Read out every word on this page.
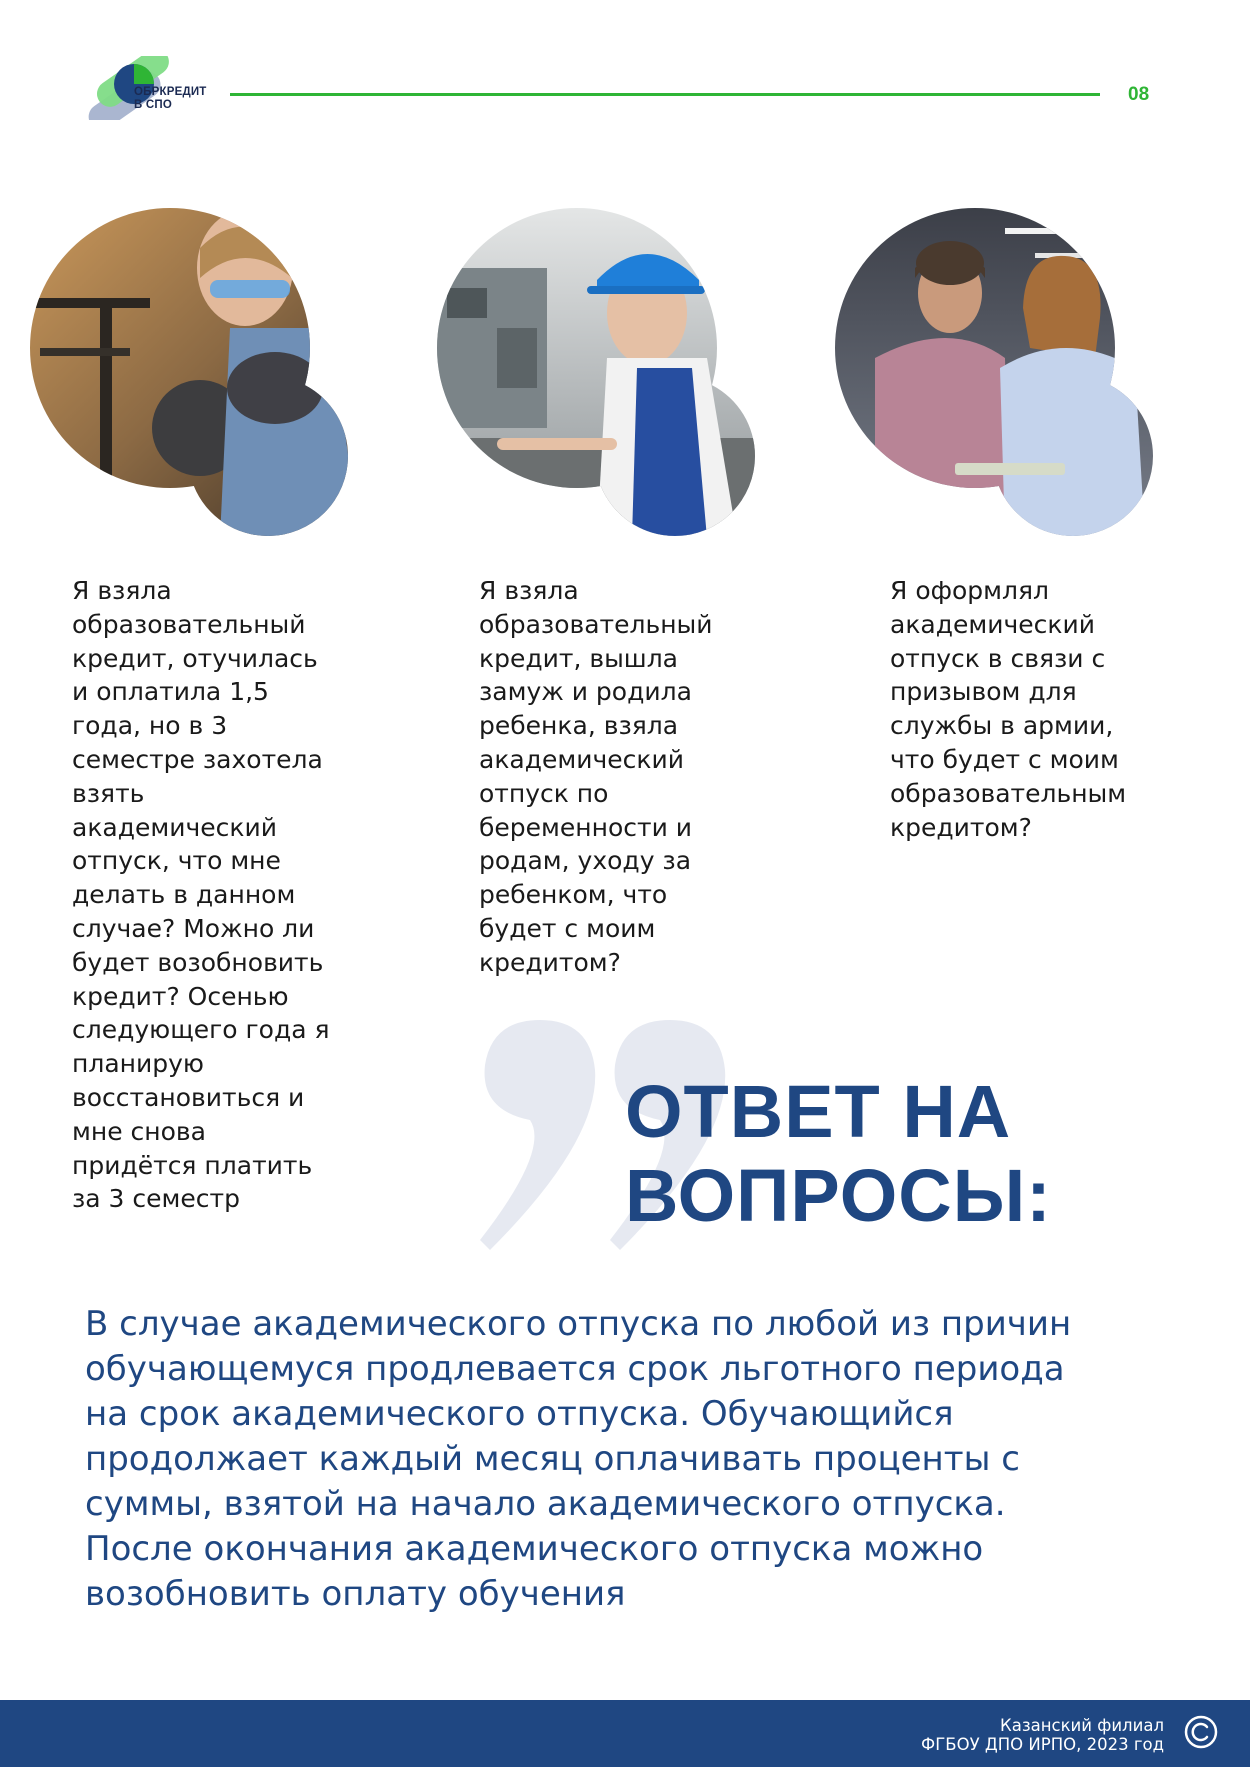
ОБРКРЕДИТ
В СПО	08
Я взяла
образовательный
кредит, отучилась
и оплатила 1,5
года, но в 3
семестре захотела
взять
академический
отпуск, что мне
делать в данном
случае? Можно ли
будет возобновить
кредит? Осенью
следующего года я
планирую
восстановиться и
мне снова
придётся платить
за 3 семестр
Я взяла
образовательный
кредит, вышла
замуж и родила
ребенка, взяла
академический
отпуск по
беременности и
родам, уходу за
ребенком, что
будет с моим
кредитом?
Я оформлял
академический
отпуск в связи с
призывом для
службы в армии,
что будет с моим
образовательным
кредитом?
ОТВЕТ НА
ВОПРОСЫ:
В случае академического отпуска по любой из причин
обучающемуся продлевается срок льготного периода
на срок академического отпуска. Обучающийся
продолжает каждый месяц оплачивать проценты с
суммы, взятой на начало академического отпуска.
После окончания академического отпуска можно
возобновить оплату обучения
Казанский филиал
ФГБОУ ДПО ИРПО, 2023 год
